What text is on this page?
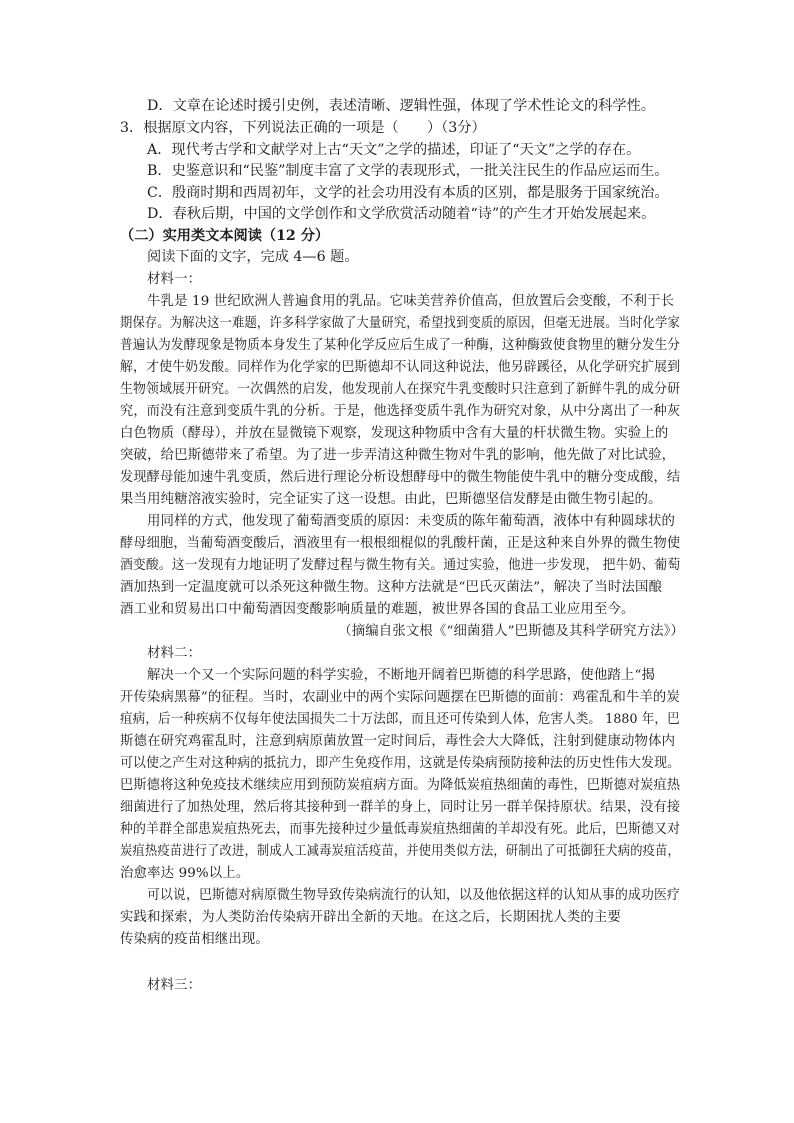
D．文章在论述时援引史例，表述清晰、逻辑性强，体现了学术性论文的科学性。
3．根据原文内容，下列说法正确的一项是（　　）（3分）
A．现代考古学和文献学对上古“天文”之学的描述，印证了“天文”之学的存在。
B．史鉴意识和“民鉴”制度丰富了文学的表现形式，一批关注民生的作品应运而生。
C．殷商时期和西周初年，文学的社会功用没有本质的区别，都是服务于国家统治。
D．春秋后期，中国的文学创作和文学欣赏活动随着“诗”的产生才开始发展起来。
（二）实用类文本阅读（12 分）
阅读下面的文字，完成 4—6 题。
材料一：
牛乳是 19 世纪欧洲人普遍食用的乳品。它味美营养价值高，但放置后会变酸，不利于长
期保存。为解决这一难题，许多科学家做了大量研究，希望找到变质的原因，但毫无进展。当时化学家
普遍认为发酵现象是物质本身发生了某种化学反应后生成了一种酶，这种酶致使食物里的糖分发生分
解，才使牛奶发酸。同样作为化学家的巴斯德却不认同这种说法，他另辟蹊径，从化学研究扩展到
生物领域展开研究。一次偶然的启发，他发现前人在探究牛乳变酸时只注意到了新鲜牛乳的成分研
究，而没有注意到变质牛乳的分析。于是，他选择变质牛乳作为研究对象，从中分离出了一种灰
白色物质（酵母），并放在显微镜下观察，发现这种物质中含有大量的杆状微生物。实验上的
突破，给巴斯德带来了希望。为了进一步弄清这种微生物对牛乳的影响，他先做了对比试验，
发现酵母能加速牛乳变质，然后进行理论分析设想酵母中的微生物能使牛乳中的糖分变成酸，结
果当用纯糖溶液实验时，完全证实了这一设想。由此，巴斯德坚信发酵是由微生物引起的。
用同样的方式，他发现了葡萄酒变质的原因：未变质的陈年葡萄酒，液体中有种圆球状的
酵母细胞，当葡萄酒变酸后，酒液里有一根根细棍似的乳酸杆菌，正是这种来自外界的微生物使
酒变酸。这一发现有力地证明了发酵过程与微生物有关。通过实验，他进一步发现， 把牛奶、葡萄
酒加热到一定温度就可以杀死这种微生物。这种方法就是“巴氏灭菌法”，解决了当时法国酿
酒工业和贸易出口中葡萄酒因变酸影响质量的难题，被世界各国的食品工业应用至今。
（摘编自张文根《“细菌猎人”巴斯德及其科学研究方法》）
材料二：
解决一个又一个实际问题的科学实验，不断地开阔着巴斯德的科学思路，使他踏上“揭
开传染病黑幕”的征程。当时，农副业中的两个实际问题摆在巴斯德的面前：鸡霍乱和牛羊的炭
疽病，后一种疾病不仅每年使法国损失二十万法郎，而且还可传染到人体，危害人类。 1880 年，巴
斯德在研究鸡霍乱时，注意到病原菌放置一定时间后，毒性会大大降低，注射到健康动物体内
可以使之产生对这种病的抵抗力，即产生免疫作用，这就是传染病预防接种法的历史性伟大发现。
巴斯德将这种免疫技术继续应用到预防炭疽病方面。为降低炭疽热细菌的毒性，巴斯德对炭疽热
细菌进行了加热处理，然后将其接种到一群羊的身上，同时让另一群羊保持原状。结果，没有接
种的羊群全部患炭疽热死去，而事先接种过少量低毒炭疽热细菌的羊却没有死。此后，巴斯德又对
炭疽热疫苗进行了改进，制成人工减毒炭疽活疫苗，并使用类似方法，研制出了可抵御狂犬病的疫苗，
治愈率达 99%以上。
可以说，巴斯德对病原微生物导致传染病流行的认知，以及他依据这样的认知从事的成功医疗
实践和探索，为人类防治传染病开辟出全新的天地。在这之后，长期困扰人类的主要
传染病的疫苗相继出现。
材料三：
